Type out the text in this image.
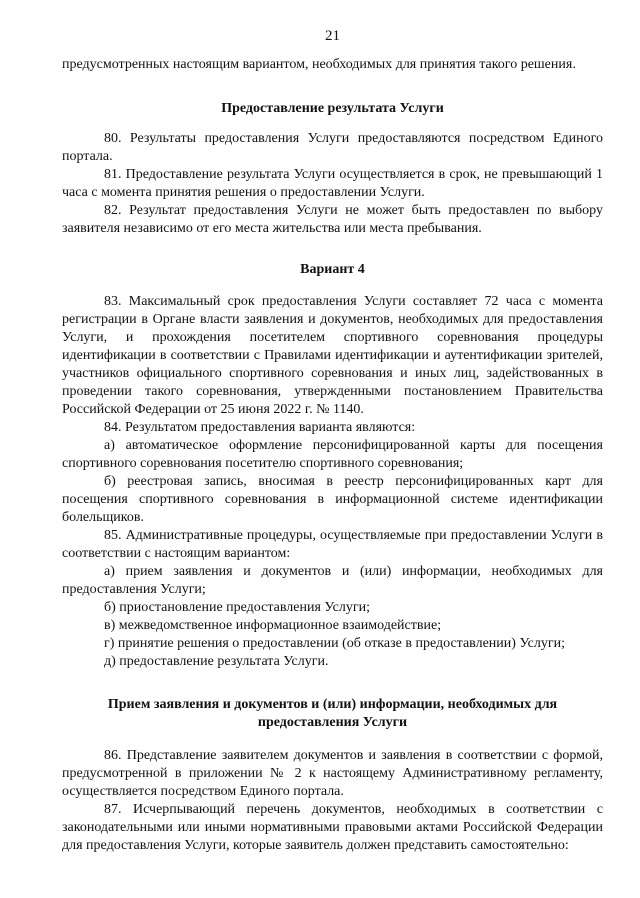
21

предусмотренных настоящим вариантом, необходимых для принятия такого решения.

Предоставление результата Услуги

80. Результаты предоставления Услуги предоставляются посредством Единого портала.

81. Предоставление результата Услуги осуществляется в срок, не превышающий 1 часа с момента принятия решения о предоставлении Услуги.

82. Результат предоставления Услуги не может быть предоставлен по выбору заявителя независимо от его места жительства или места пребывания.

Вариант 4

83. Максимальный срок предоставления Услуги составляет 72 часа с момента регистрации в Органе власти заявления и документов, необходимых для предоставления Услуги, и прохождения посетителем спортивного соревнования процедуры идентификации в соответствии с Правилами идентификации и аутентификации зрителей, участников официального спортивного соревнования и иных лиц, задействованных в проведении такого соревнования, утвержденными постановлением Правительства Российской Федерации от 25 июня 2022 г. № 1140.

84. Результатом предоставления варианта являются:

а) автоматическое оформление персонифицированной карты для посещения спортивного соревнования посетителю спортивного соревнования;

б) реестровая запись, вносимая в реестр персонифицированных карт для посещения спортивного соревнования в информационной системе идентификации болельщиков.

85. Административные процедуры, осуществляемые при предоставлении Услуги в соответствии с настоящим вариантом:

а) прием заявления и документов и (или) информации, необходимых для предоставления Услуги;

б) приостановление предоставления Услуги;

в) межведомственное информационное взаимодействие;

г) принятие решения о предоставлении (об отказе в предоставлении) Услуги;

д) предоставление результата Услуги.

Прием заявления и документов и (или) информации, необходимых для предоставления Услуги

86. Представление заявителем документов и заявления в соответствии с формой, предусмотренной в приложении № 2 к настоящему Административному регламенту, осуществляется посредством Единого портала.

87. Исчерпывающий перечень документов, необходимых в соответствии с законодательными или иными нормативными правовыми актами Российской Федерации для предоставления Услуги, которые заявитель должен представить самостоятельно:
